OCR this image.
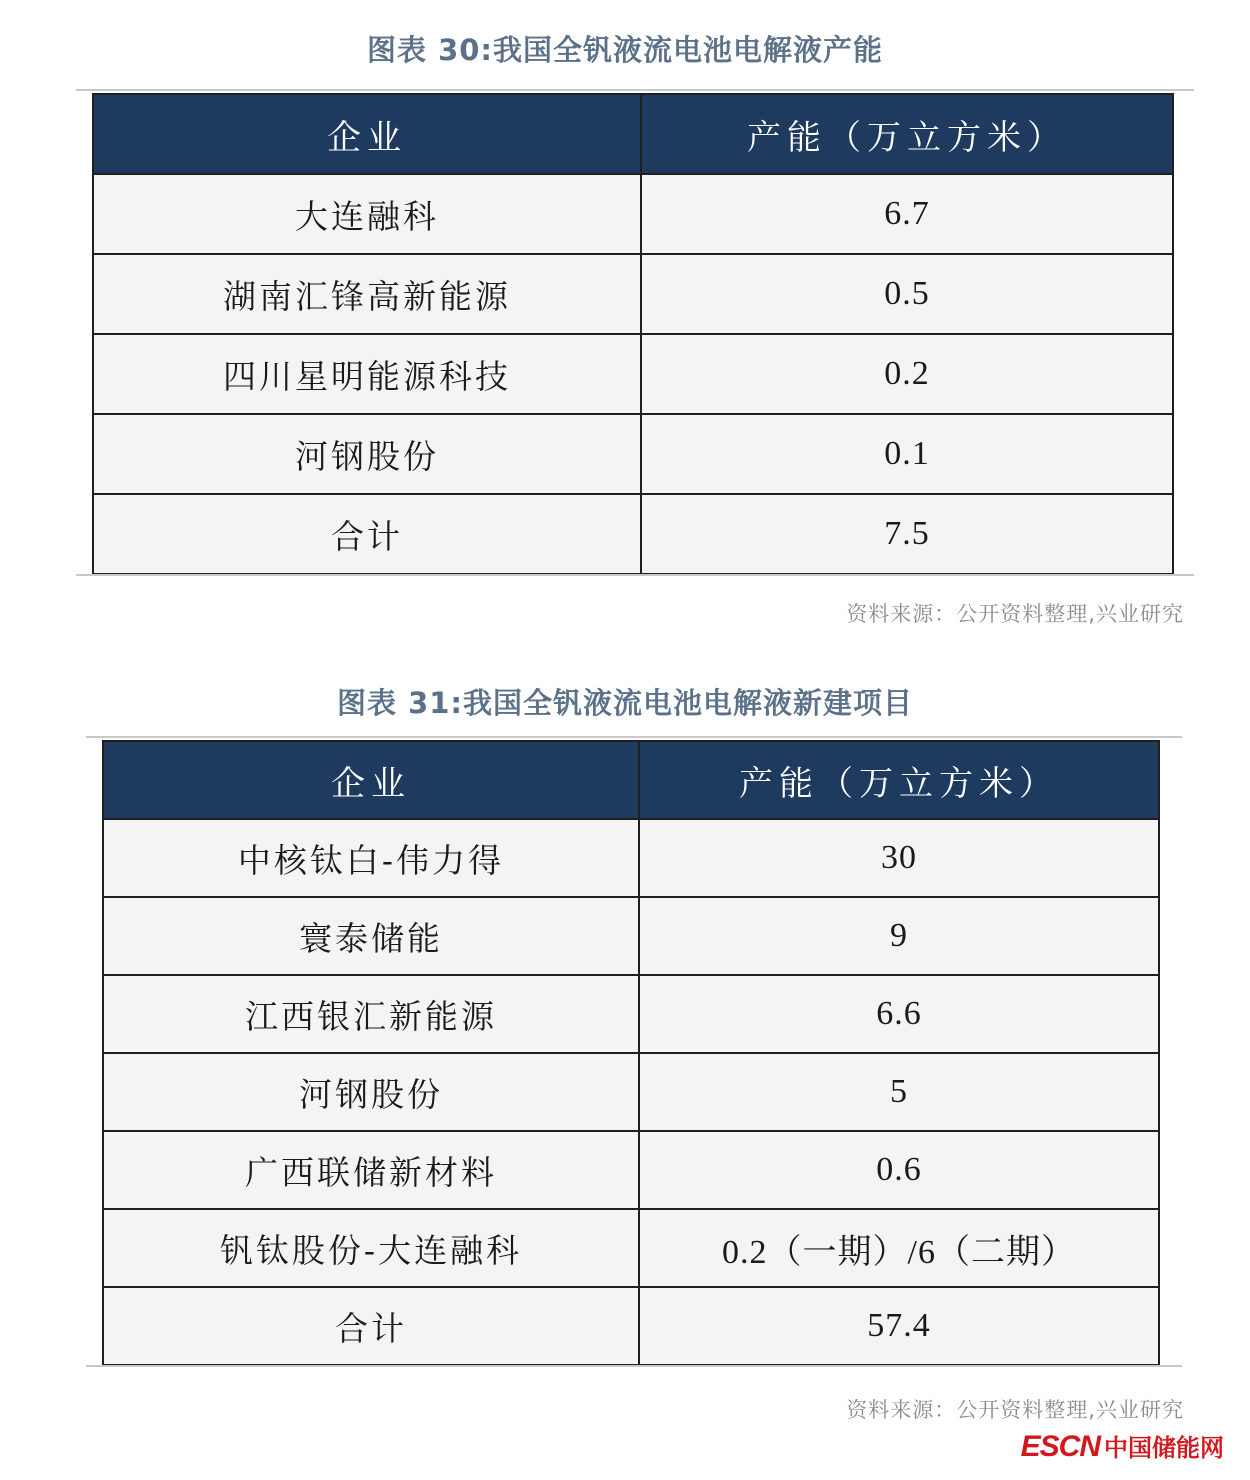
图表 30:我国全钒液流电池电解液产能
企业	产能（万立方米）
大连融科	6.7
湖南汇锋高新能源	0.5
四川星明能源科技	0.2
河钢股份	0.1
合计	7.5
资料来源：公开资料整理,兴业研究
图表 31:我国全钒液流电池电解液新建项目
企业	产能（万立方米）
中核钛白-伟力得	30
寰泰储能	9
江西银汇新能源	6.6
河钢股份	5
广西联储新材料	0.6
钒钛股份-大连融科	0.2（一期）/6（二期）
合计	57.4
资料来源：公开资料整理,兴业研究
ESCN 中国储能网
